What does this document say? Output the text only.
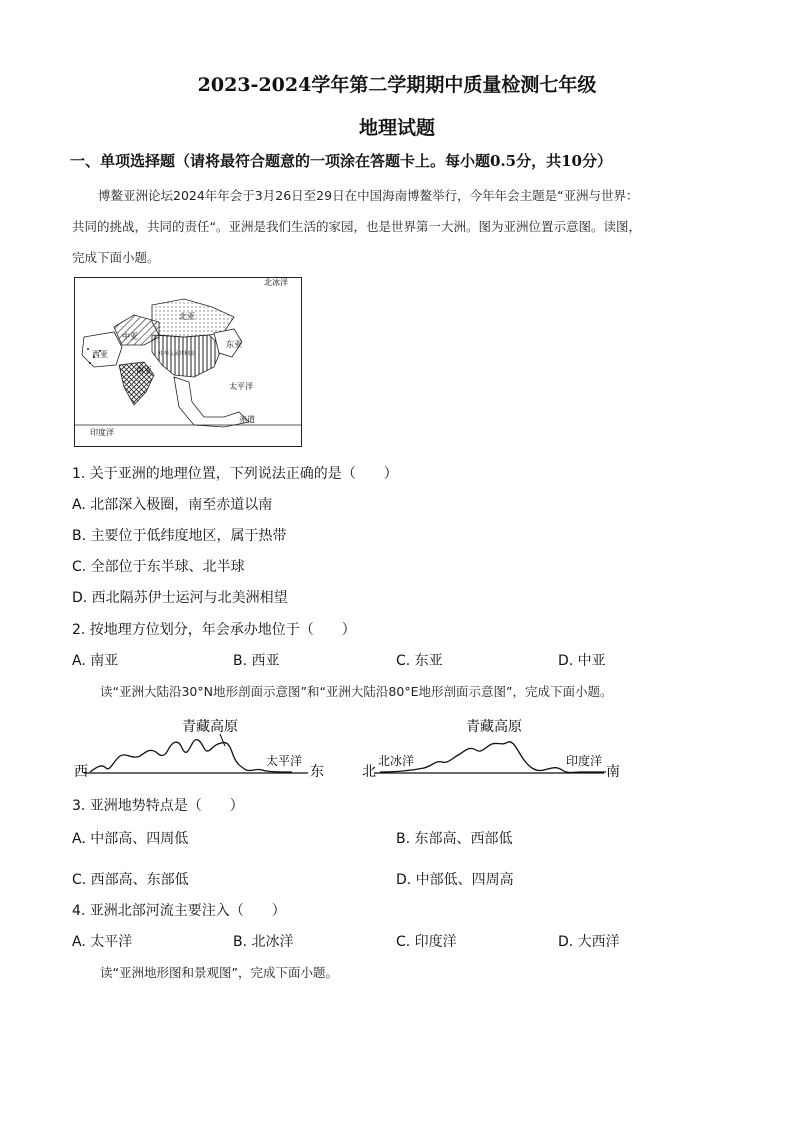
2023-2024学年第二学期期中质量检测七年级
地理试题
一、单项选择题（请将最符合题意的一项涂在答题卡上。每小题0.5分，共10分）
博鳌亚洲论坛2024年年会于3月26日至29日在中国海南博鳌举行，今年年会主题是“亚洲与世界：
共同的挑战，共同的责任“。亚洲是我们生活的家园，也是世界第一大洲。图为亚洲位置示意图。读图，
完成下面小题。
北冰洋
北亚
中亚
西亚
东亚
南亚
中华人民共和国
太平洋
赤道
印度洋
1. 关于亚洲的地理位置，下列说法正确的是（　　）
A. 北部深入极圈，南至赤道以南
B. 主要位于低纬度地区，属于热带
C. 全部位于东半球、北半球
D. 西北隔苏伊士运河与北美洲相望
2. 按地理方位划分，年会承办地位于（　　）
A. 南亚	B. 西亚	C. 东亚	D. 中亚
读“亚洲大陆沿30°N地形剖面示意图”和“亚洲大陆沿80°E地形剖面示意图”，完成下面小题。
青藏高原
太平洋
西	东
青藏高原
北冰洋	印度洋
北	南
3. 亚洲地势特点是（　　）
A. 中部高、四周低	B. 东部高、西部低
C. 西部高、东部低	D. 中部低、四周高
4. 亚洲北部河流主要注入（　　）
A. 太平洋	B. 北冰洋	C. 印度洋	D. 大西洋
读“亚洲地形图和景观图”，完成下面小题。
